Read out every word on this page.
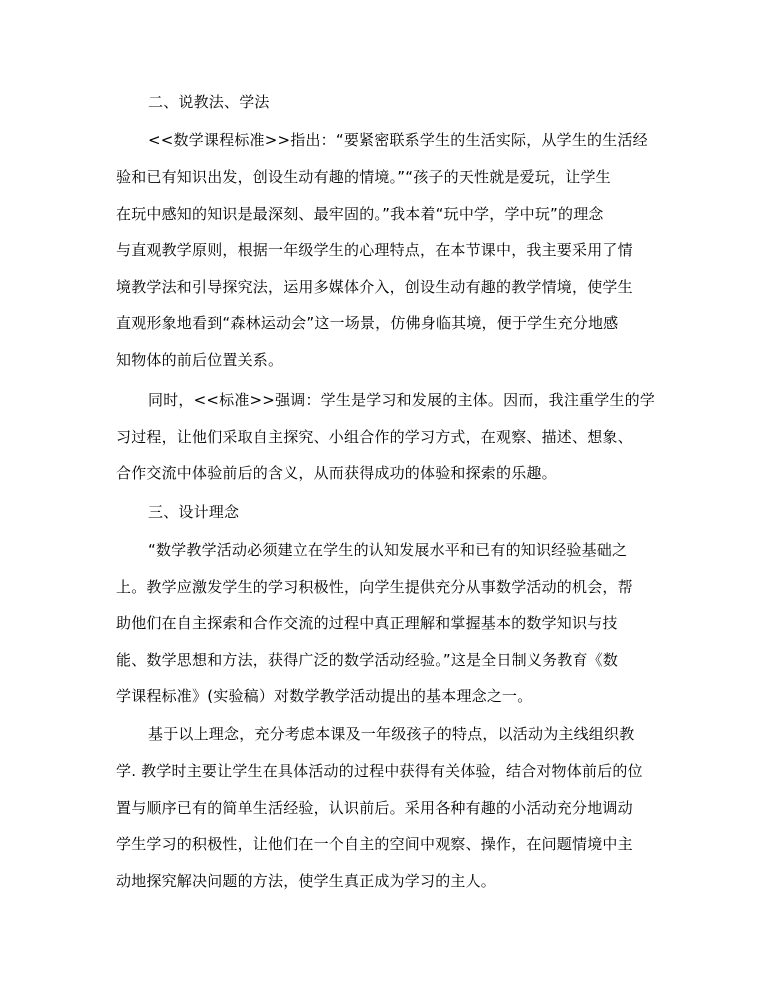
二、说教法、学法
<<数学课程标准>>指出：“要紧密联系学生的生活实际，从学生的生活经
验和已有知识出发，创设生动有趣的情境。”“孩子的天性就是爱玩，让学生
在玩中感知的知识是最深刻、最牢固的。”我本着“玩中学，学中玩”的理念
与直观教学原则，根据一年级学生的心理特点，在本节课中，我主要采用了情
境教学法和引导探究法，运用多媒体介入，创设生动有趣的教学情境，使学生
直观形象地看到“森林运动会”这一场景，仿佛身临其境，便于学生充分地感
知物体的前后位置关系。
同时，<<标准>>强调：学生是学习和发展的主体。因而，我注重学生的学
习过程，让他们采取自主探究、小组合作的学习方式，在观察、描述、想象、
合作交流中体验前后的含义，从而获得成功的体验和探索的乐趣。
三、设计理念
“数学教学活动必须建立在学生的认知发展水平和已有的知识经验基础之
上。教学应激发学生的学习积极性，向学生提供充分从事数学活动的机会，帮
助他们在自主探索和合作交流的过程中真正理解和掌握基本的数学知识与技
能、数学思想和方法，获得广泛的数学活动经验。”这是全日制义务教育《数
学课程标准》(实验稿）对数学教学活动提出的基本理念之一。
基于以上理念，充分考虑本课及一年级孩子的特点，以活动为主线组织教
学. 教学时主要让学生在具体活动的过程中获得有关体验，结合对物体前后的位
置与顺序已有的简单生活经验，认识前后。采用各种有趣的小活动充分地调动
学生学习的积极性，让他们在一个自主的空间中观察、操作，在问题情境中主
动地探究解决问题的方法，使学生真正成为学习的主人。
